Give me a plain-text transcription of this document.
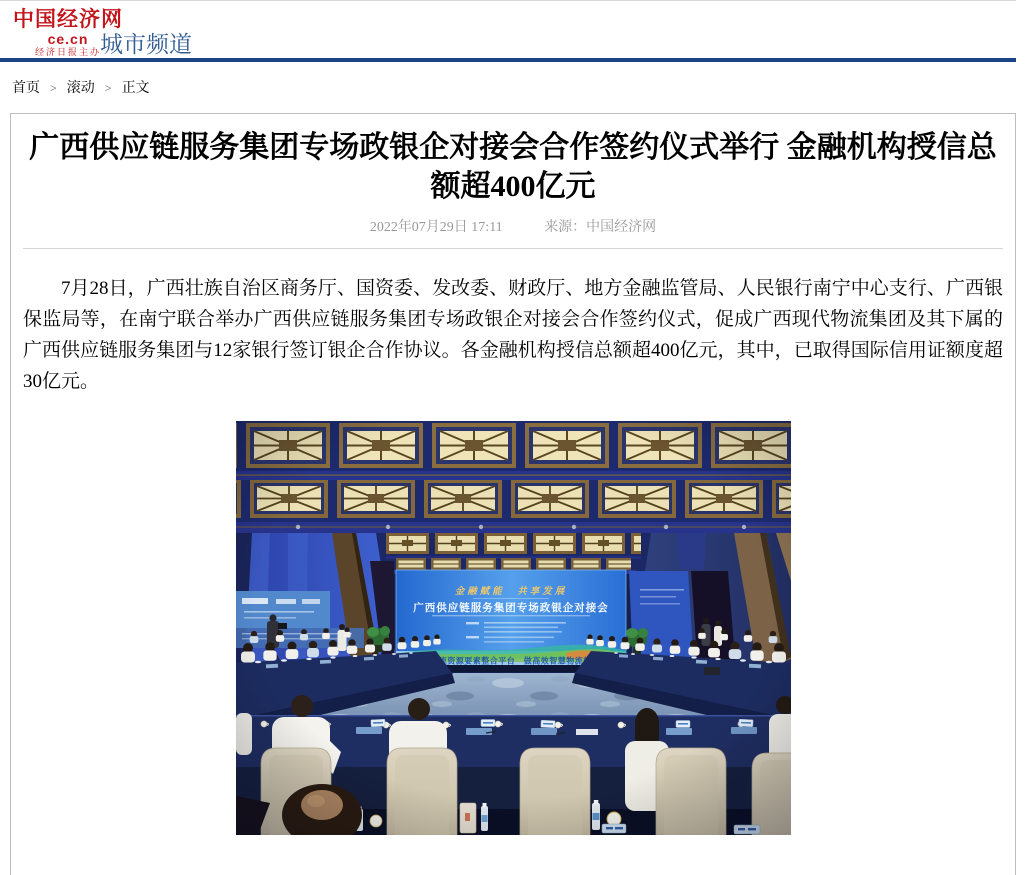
中国经济网
ce.cn
经济日报主办 城市频道
首页 > 滚动 > 正文
广西供应链服务集团专场政银企对接会合作签约仪式举行 金融机构授信总额超400亿元
2022年07月29日 17:11	来源：中国经济网

7月28日，广西壮族自治区商务厅、国资委、发改委、财政厅、地方金融监管局、人民银行南宁中心支行、广西银保监局等，在南宁联合举办广西供应链服务集团专场政银企对接会合作签约仪式，促成广西现代物流集团及其下属的广西供应链服务集团与12家银行签订银企合作协议。各金融机构授信总额超400亿元，其中，已取得国际信用证额度超30亿元。
